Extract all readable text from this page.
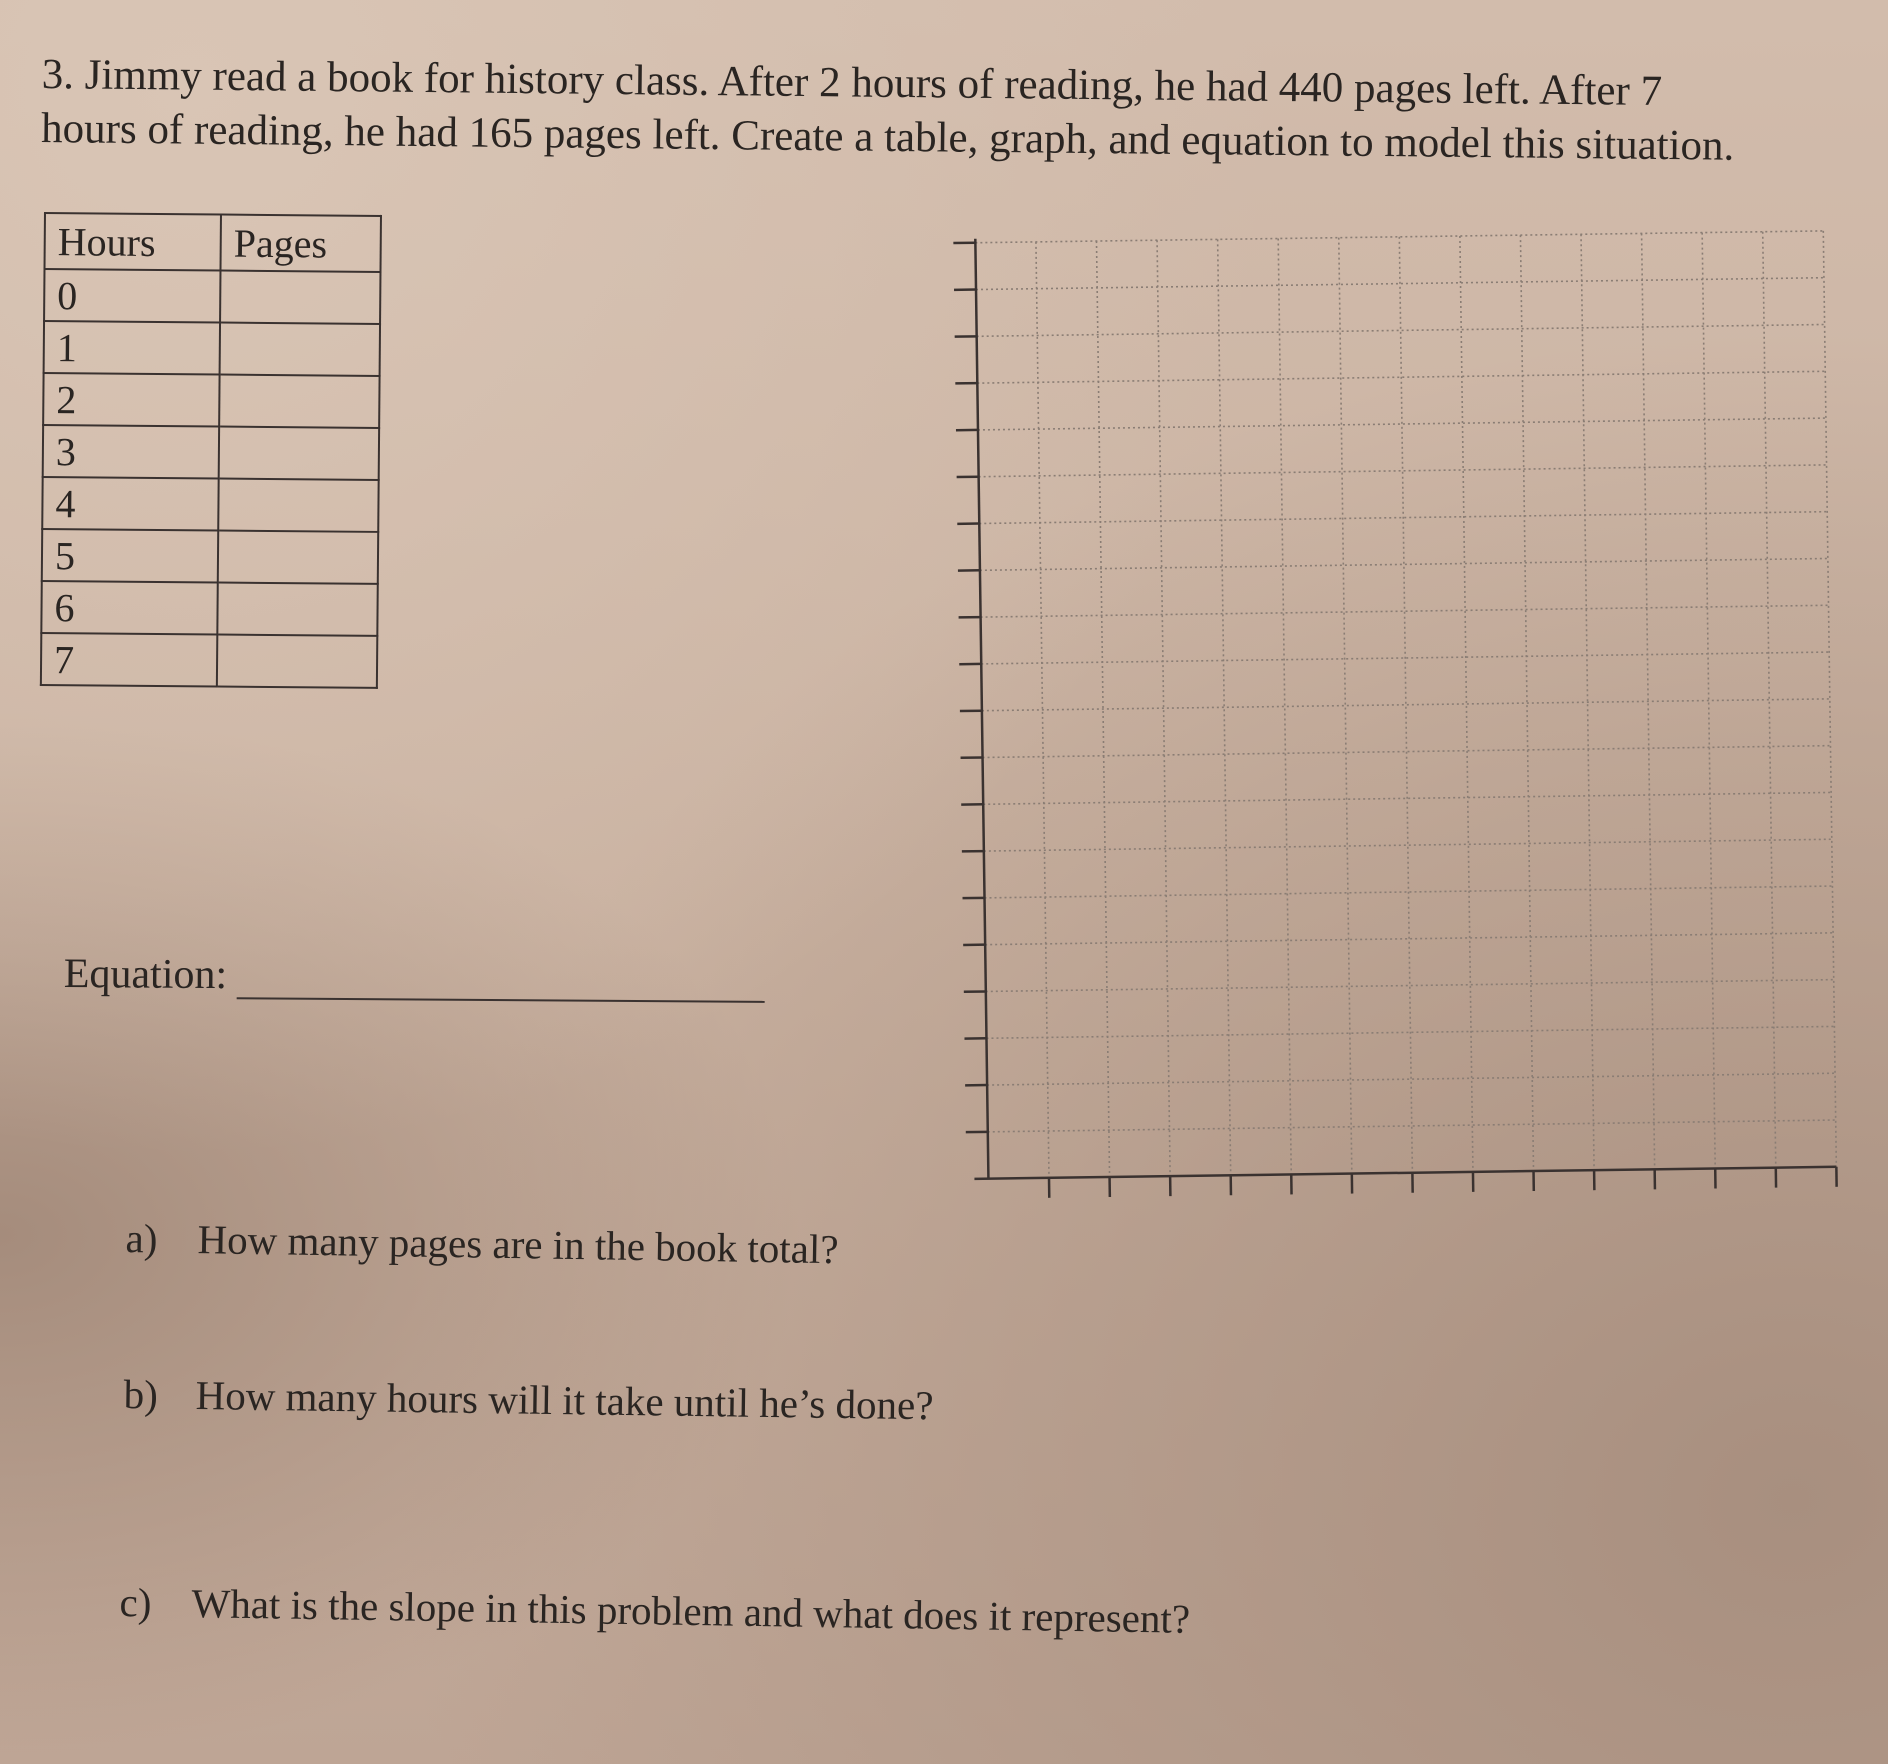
3. Jimmy read a book for history class. After 2 hours of reading, he had 440 pages left. After 7
hours of reading, he had 165 pages left. Create a table, graph, and equation to model this situation.

Hours	Pages
0	
1	
2	
3	
4	
5	
6	
7	
Equation:
a) How many pages are in the book total?
b) How many hours will it take until he’s done?
c) What is the slope in this problem and what does it represent?
